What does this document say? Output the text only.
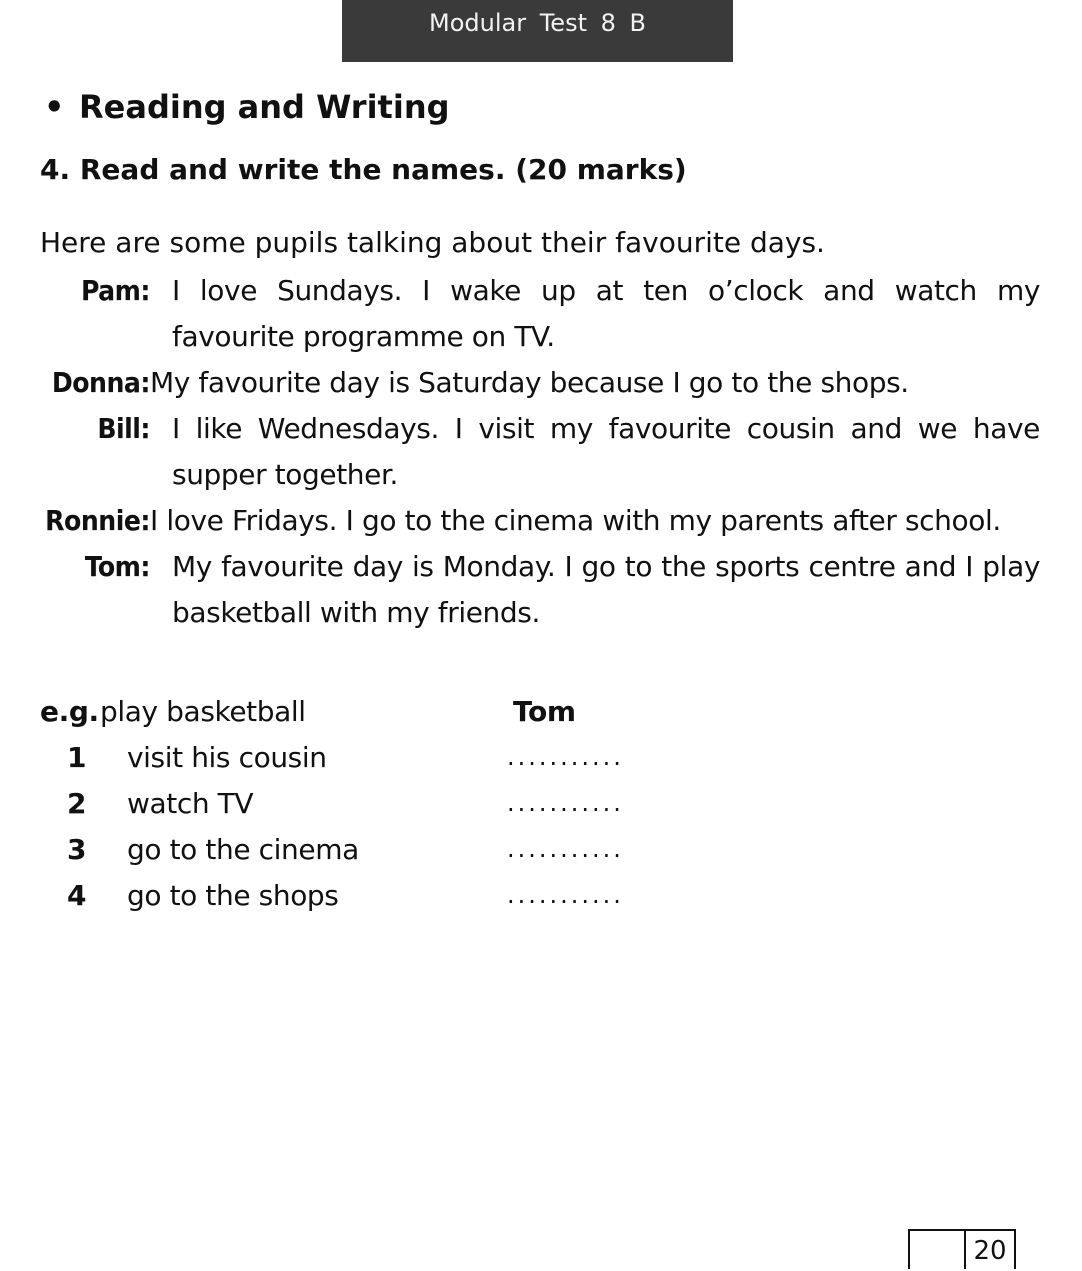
Modular Test 8 B
• Reading and Writing
4. Read and write the names. (20 marks)
Here are some pupils talking about their favourite days.
Pam: I love Sundays. I wake up at ten o’clock and watch my favourite programme on TV.
Donna: My favourite day is Saturday because I go to the shops.
Bill: I like Wednesdays. I visit my favourite cousin and we have supper together.
Ronnie: I love Fridays. I go to the cinema with my parents after school.
Tom: My favourite day is Monday. I go to the sports centre and I play basketball with my friends.
e.g. play basketball	Tom
1	visit his cousin	...........
2	watch TV	...........
3	go to the cinema	...........
4	go to the shops	...........
20
